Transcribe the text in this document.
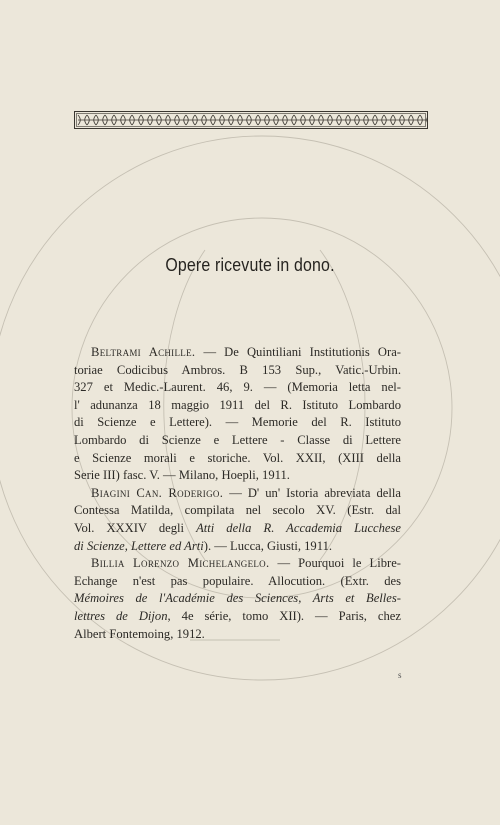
Opere ricevute in dono.
Beltrami Achille. — De Quintiliani Institutionis Ora-
toriae Codicibus Ambros. B 153 Sup., Vatic.-Urbin.
327 et Medic.-Laurent. 46, 9. — (Memoria letta nel-
l' adunanza 18 maggio 1911 del R. Istituto Lombardo
di Scienze e Lettere). — Memorie del R. Istituto
Lombardo di Scienze e Lettere - Classe di Lettere
e Scienze morali e storiche. Vol. XXII, (XIII della
Serie III) fasc. V. — Milano, Hoepli, 1911.
Biagini Can. Roderigo. — D' un' Istoria abreviata della
Contessa Matilda, compilata nel secolo XV. (Estr. dal
Vol. XXXIV degli Atti della R. Accademia Lucchese
di Scienze, Lettere ed Arti). — Lucca, Giusti, 1911.
Billia Lorenzo Michelangelo. — Pourquoi le Libre-
Echange n'est pas populaire. Allocution. (Extr. des
Mémoires de l'Académie des Sciences, Arts et Belles-
lettres de Dijon, 4e série, tomo XII). — Paris, chez
Albert Fontemoing, 1912.
s
